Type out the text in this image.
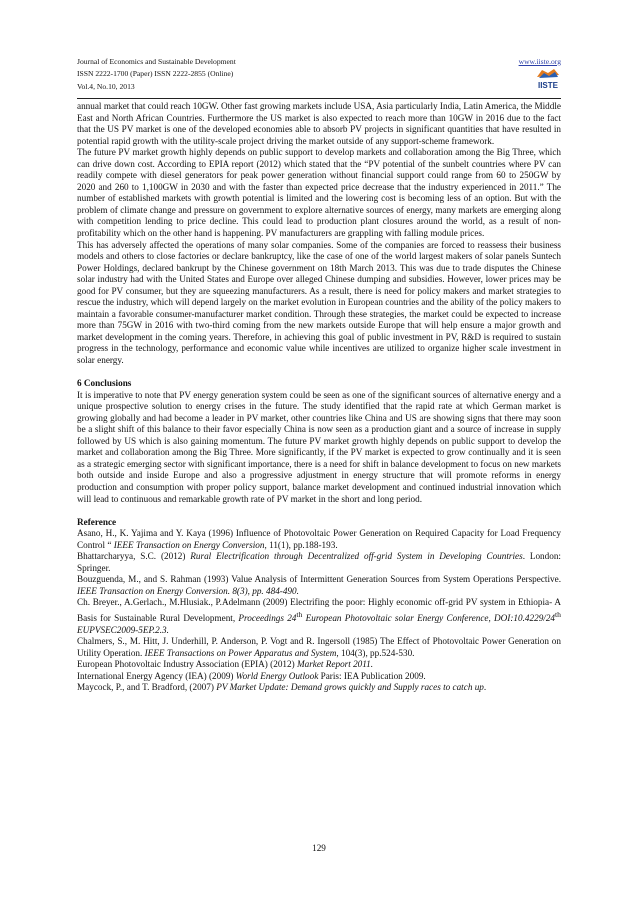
Journal of Economics and Sustainable Development
ISSN 2222-1700 (Paper) ISSN 2222-2855 (Online)
Vol.4, No.10, 2013
www.iiste.org
IISTE

annual market that could reach 10GW. Other fast growing markets include USA, Asia particularly India, Latin America, the Middle East and North African Countries. Furthermore the US market is also expected to reach more than 10GW in 2016 due to the fact that the US PV market is one of the developed economies able to absorb PV projects in significant quantities that have resulted in potential rapid growth with the utility-scale project driving the market outside of any support-scheme framework.

The future PV market growth highly depends on public support to develop markets and collaboration among the Big Three, which can drive down cost. According to EPIA report (2012) which stated that the “PV potential of the sunbelt countries where PV can readily compete with diesel generators for peak power generation without financial support could range from 60 to 250GW by 2020 and 260 to 1,100GW in 2030 and with the faster than expected price decrease that the industry experienced in 2011.” The number of established markets with growth potential is limited and the lowering cost is becoming less of an option. But with the problem of climate change and pressure on government to explore alternative sources of energy, many markets are emerging along with competition lending to price decline. This could lead to production plant closures around the world, as a result of non-profitability which on the other hand is happening. PV manufacturers are grappling with falling module prices.

This has adversely affected the operations of many solar companies. Some of the companies are forced to reassess their business models and others to close factories or declare bankruptcy, like the case of one of the world largest makers of solar panels Suntech Power Holdings, declared bankrupt by the Chinese government on 18th March 2013. This was due to trade disputes the Chinese solar industry had with the United States and Europe over alleged Chinese dumping and subsidies. However, lower prices may be good for PV consumer, but they are squeezing manufacturers. As a result, there is need for policy makers and market strategies to rescue the industry, which will depend largely on the market evolution in European countries and the ability of the policy makers to maintain a favorable consumer-manufacturer market condition. Through these strategies, the market could be expected to increase more than 75GW in 2016 with two-third coming from the new markets outside Europe that will help ensure a major growth and market development in the coming years. Therefore, in achieving this goal of public investment in PV, R&D is required to sustain progress in the technology, performance and economic value while incentives are utilized to organize higher scale investment in solar energy.

6 Conclusions

It is imperative to note that PV energy generation system could be seen as one of the significant sources of alternative energy and a unique prospective solution to energy crises in the future. The study identified that the rapid rate at which German market is growing globally and had become a leader in PV market, other countries like China and US are showing signs that there may soon be a slight shift of this balance to their favor especially China is now seen as a production giant and a source of increase in supply followed by US which is also gaining momentum. The future PV market growth highly depends on public support to develop the market and collaboration among the Big Three. More significantly, if the PV market is expected to grow continually and it is seen as a strategic emerging sector with significant importance, there is a need for shift in balance development to focus on new markets both outside and inside Europe and also a progressive adjustment in energy structure that will promote reforms in energy production and consumption with proper policy support, balance market development and continued industrial innovation which will lead to continuous and remarkable growth rate of PV market in the short and long period.

Reference

Asano, H., K. Yajima and Y. Kaya (1996) Influence of Photovoltaic Power Generation on Required Capacity for Load Frequency Control “ IEEE Transaction on Energy Conversion, 11(1), pp.188-193.

Bhattarcharyya, S.C. (2012) Rural Electrification through Decentralized off-grid System in Developing Countries. London: Springer.

Bouzguenda, M., and S. Rahman (1993) Value Analysis of Intermittent Generation Sources from System Operations Perspective. IEEE Transaction on Energy Conversion. 8(3), pp. 484-490.

Ch. Breyer., A.Gerlach., M.Hlusiak., P.Adelmann (2009) Electrifing the poor: Highly economic off-grid PV system in Ethiopia- A Basis for Sustainable Rural Development, Proceedings 24th European Photovoltaic solar Energy Conference, DOI:10.4229/24th EUPVSEC2009-5EP.2.3.

Chalmers, S., M. Hitt, J. Underhill, P. Anderson, P. Vogt and R. Ingersoll (1985) The Effect of Photovoltaic Power Generation on Utility Operation. IEEE Transactions on Power Apparatus and System, 104(3), pp.524-530.

European Photovoltaic Industry Association (EPIA) (2012) Market Report 2011.

International Energy Agency (IEA) (2009) World Energy Outlook Paris: IEA Publication 2009.

Maycock, P., and T. Bradford, (2007) PV Market Update: Demand grows quickly and Supply races to catch up.

129
